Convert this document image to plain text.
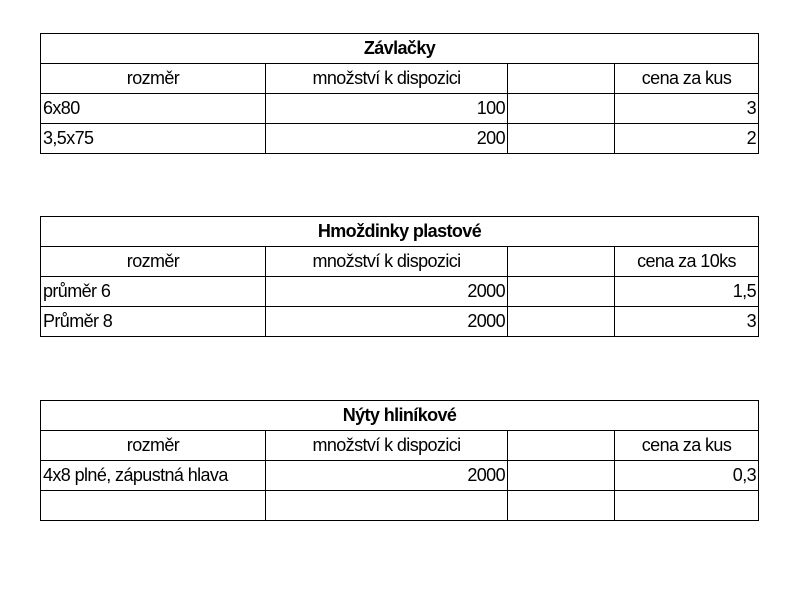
Závlačky			
rozměr	množství k dispozici		cena za kus
6x80	100		3
3,5x75	200		2
Hmoždinky plastové			
rozměr	množství k dispozici		cena za 10ks
průměr 6	2000		1,5
Průměr 8	2000		3
Nýty hliníkové			
rozměr	množství k dispozici		cena za kus
4x8 plné, zápustná hlava	2000		0,3
